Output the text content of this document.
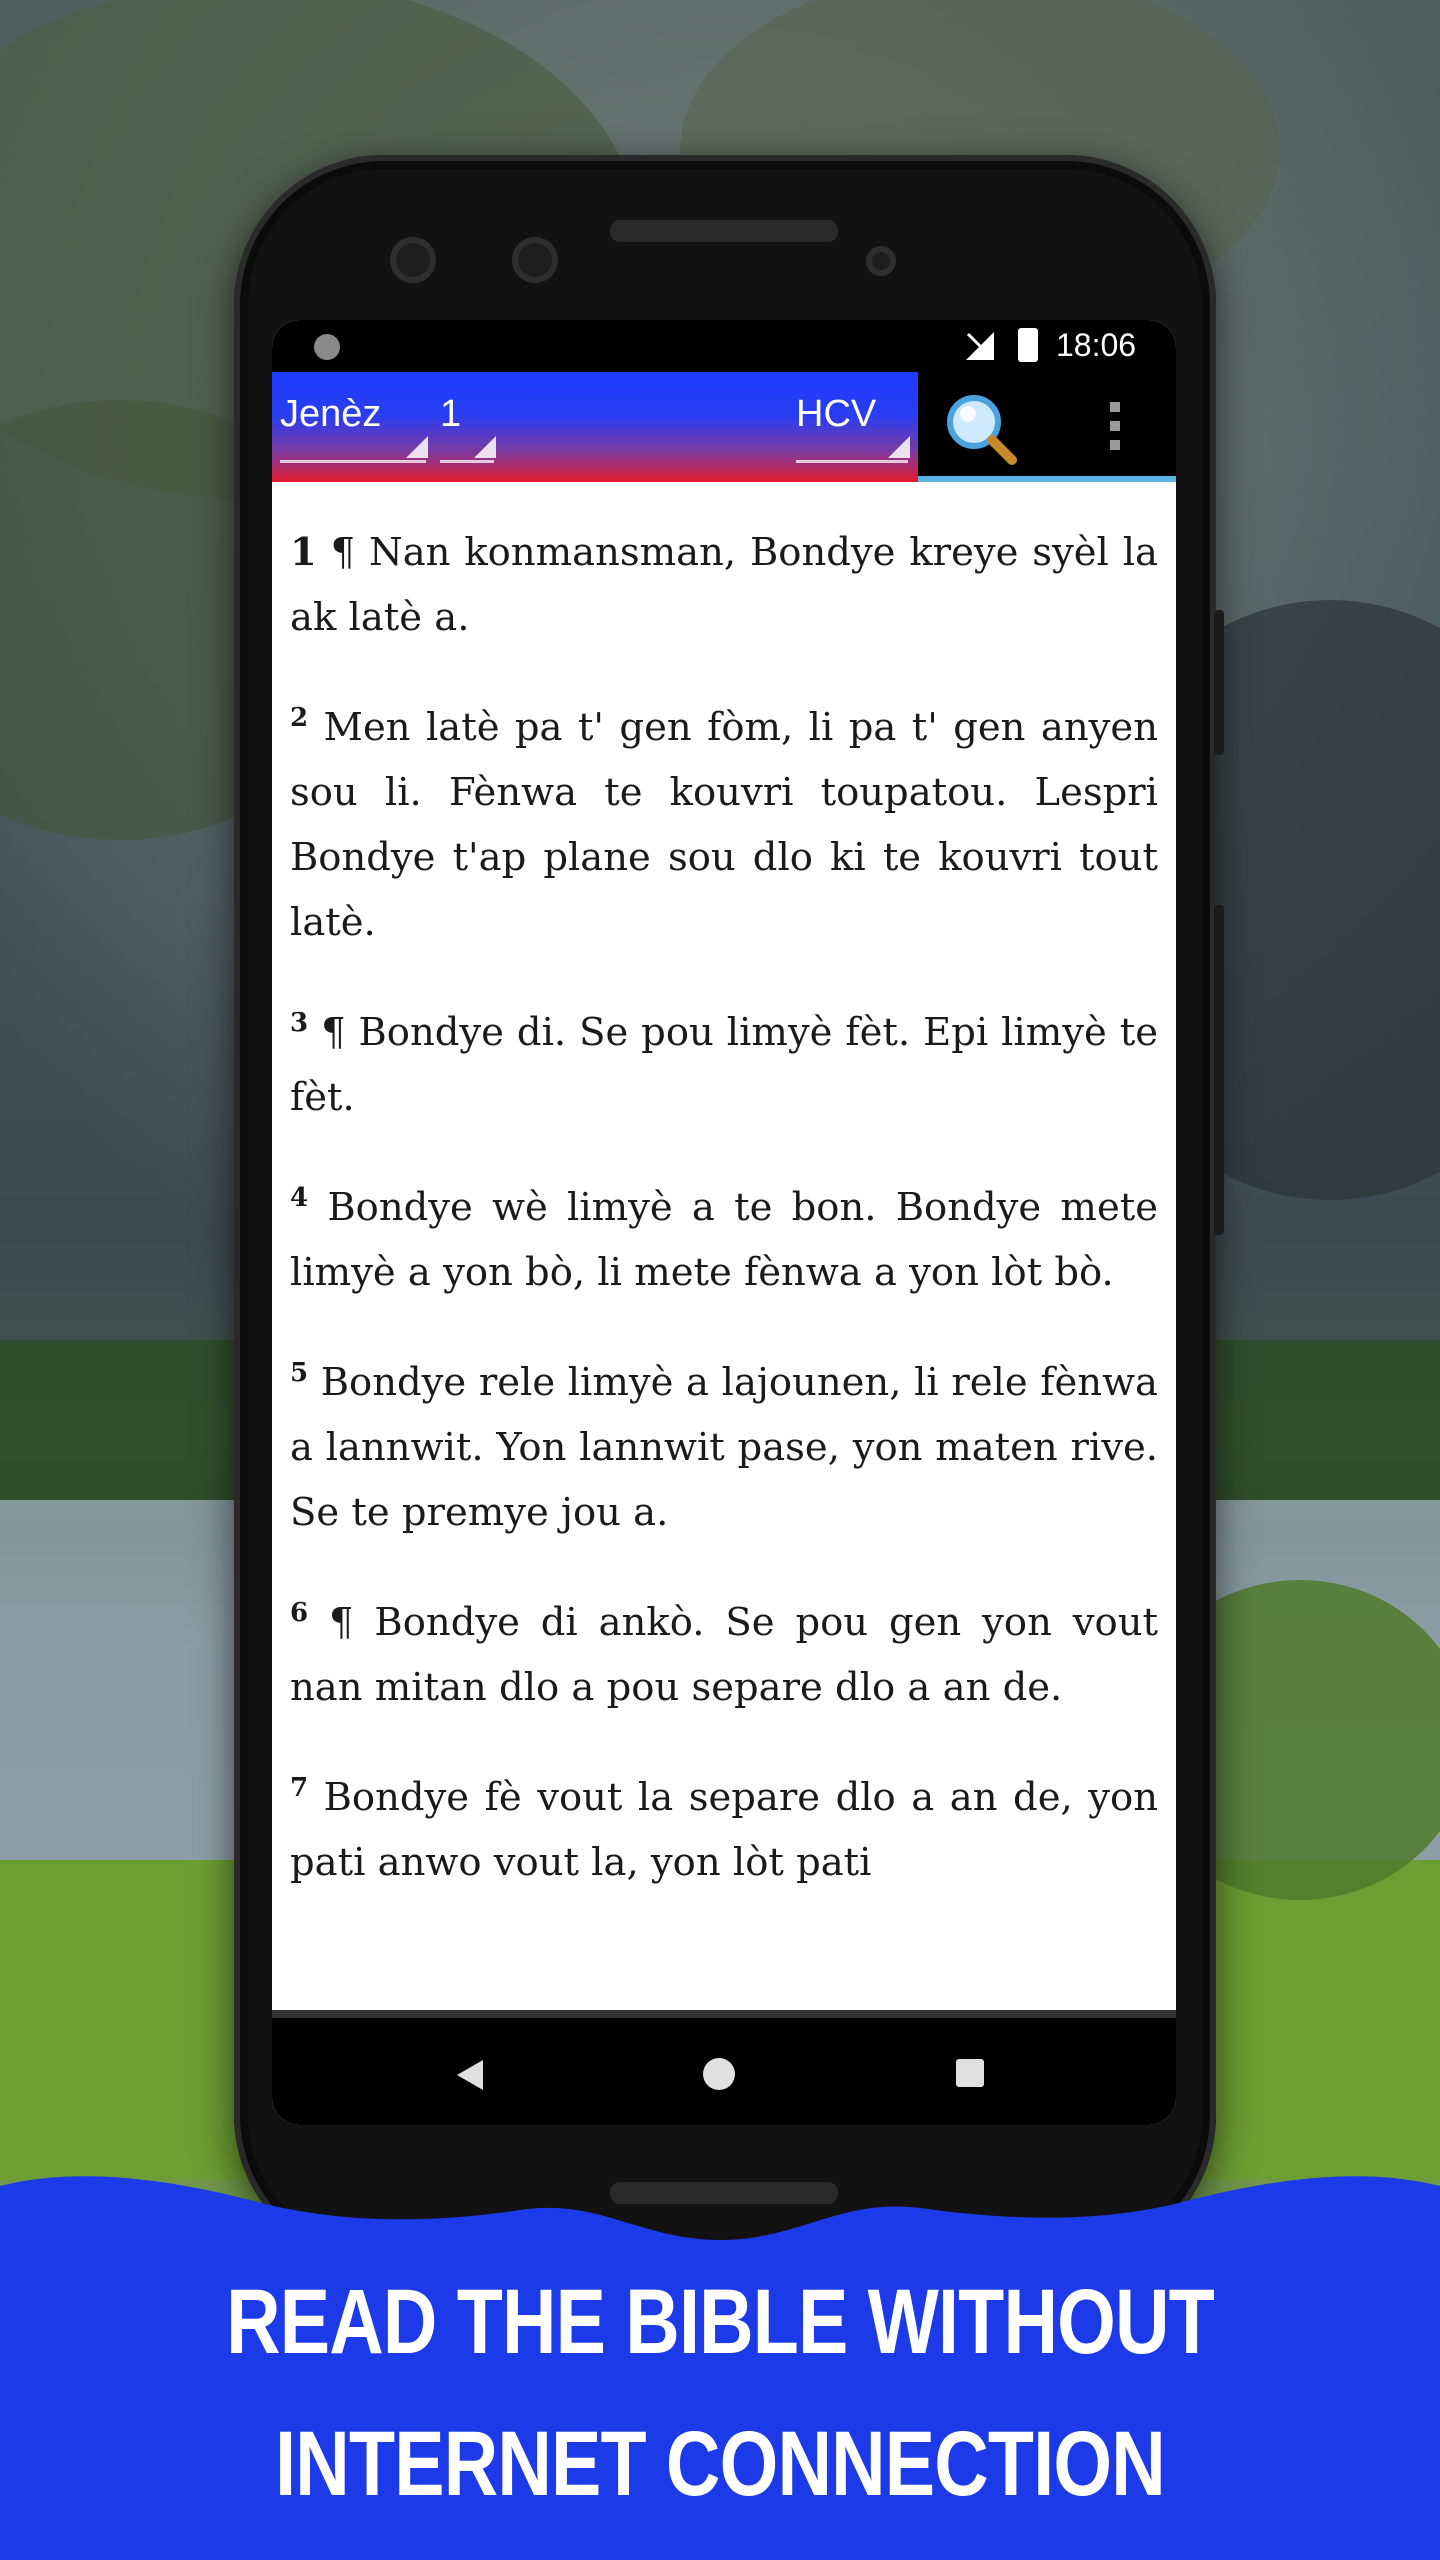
18:06
Jenèz	1	HCV

1 ¶ Nan konmansman, Bondye kreye syèl la ak latè a.

$^2$ Men latè pa t' gen fòm, li pa t' gen anyen sou li. Fènwa te kouvri toupatou. Lespri Bondye t'ap plane sou dlo ki te kouvri tout latè.

$^3$ ¶ Bondye di. Se pou limyè fèt. Epi limyè te fèt.

$^4$ Bondye wè limyè a te bon. Bondye mete limyè a yon bò, li mete fènwa a yon lòt bò.

$^5$ Bondye rele limyè a lajounen, li rele fènwa a lannwit. Yon lannwit pase, yon maten rive. Se te premye jou a.

$^6$ ¶ Bondye di ankò. Se pou gen yon vout nan mitan dlo a pou separe dlo a an de.

$^7$ Bondye fè vout la separe dlo a an de, yon pati anwo vout la, yon lòt pati

READ THE BIBLE WITHOUT
INTERNET CONNECTION
